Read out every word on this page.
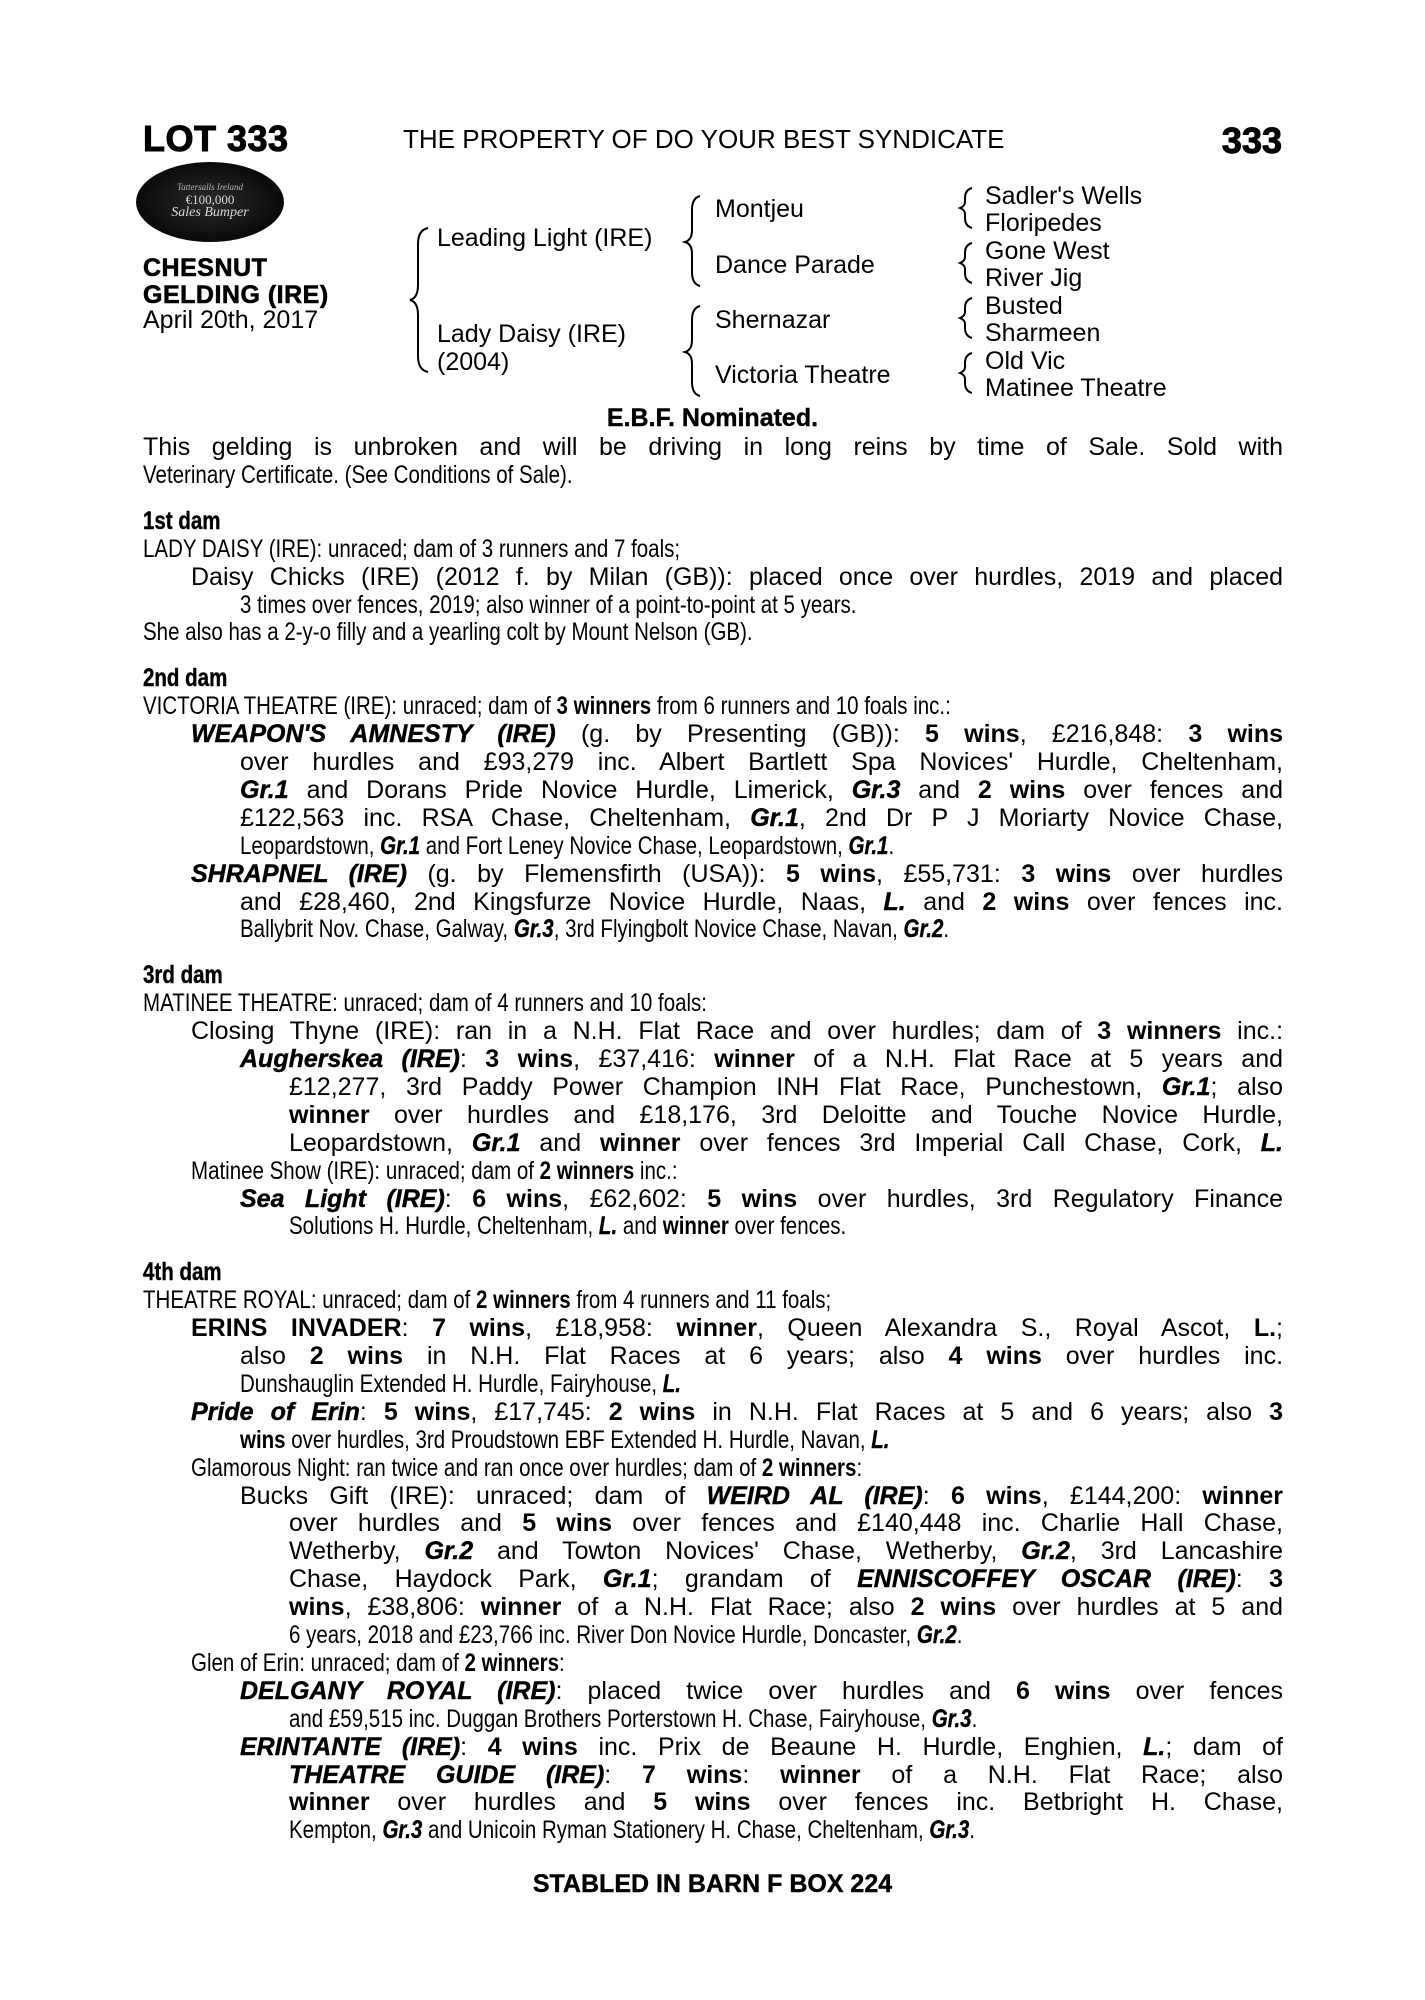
LOT 333	THE PROPERTY OF DO YOUR BEST SYNDICATE	333
Tattersalls Ireland
€100,000
Sales Bumper
CHESNUT
GELDING (IRE)
April 20th, 2017
Leading Light (IRE)
Lady Daisy (IRE)
(2004)
Montjeu
Dance Parade
Shernazar
Victoria Theatre
Sadler's Wells
Floripedes
Gone West
River Jig
Busted
Sharmeen
Old Vic
Matinee Theatre
E.B.F. Nominated.
This gelding is unbroken and will be driving in long reins by time of Sale. Sold with
Veterinary Certificate. (See Conditions of Sale).
1st dam
LADY DAISY (IRE): unraced; dam of 3 runners and 7 foals;
Daisy Chicks (IRE) (2012 f. by Milan (GB)): placed once over hurdles, 2019 and placed
3 times over fences, 2019; also winner of a point-to-point at 5 years.
She also has a 2-y-o filly and a yearling colt by Mount Nelson (GB).
2nd dam
VICTORIA THEATRE (IRE): unraced; dam of 3 winners from 6 runners and 10 foals inc.:
WEAPON'S AMNESTY (IRE) (g. by Presenting (GB)): 5 wins, £216,848: 3 wins
over hurdles and £93,279 inc. Albert Bartlett Spa Novices' Hurdle, Cheltenham,
Gr.1 and Dorans Pride Novice Hurdle, Limerick, Gr.3 and 2 wins over fences and
£122,563 inc. RSA Chase, Cheltenham, Gr.1, 2nd Dr P J Moriarty Novice Chase,
Leopardstown, Gr.1 and Fort Leney Novice Chase, Leopardstown, Gr.1.
SHRAPNEL (IRE) (g. by Flemensfirth (USA)): 5 wins, £55,731: 3 wins over hurdles
and £28,460, 2nd Kingsfurze Novice Hurdle, Naas, L. and 2 wins over fences inc.
Ballybrit Nov. Chase, Galway, Gr.3, 3rd Flyingbolt Novice Chase, Navan, Gr.2.
3rd dam
MATINEE THEATRE: unraced; dam of 4 runners and 10 foals:
Closing Thyne (IRE): ran in a N.H. Flat Race and over hurdles; dam of 3 winners inc.:
Augherskea (IRE): 3 wins, £37,416: winner of a N.H. Flat Race at 5 years and
£12,277, 3rd Paddy Power Champion INH Flat Race, Punchestown, Gr.1; also
winner over hurdles and £18,176, 3rd Deloitte and Touche Novice Hurdle,
Leopardstown, Gr.1 and winner over fences 3rd Imperial Call Chase, Cork, L.
Matinee Show (IRE): unraced; dam of 2 winners inc.:
Sea Light (IRE): 6 wins, £62,602: 5 wins over hurdles, 3rd Regulatory Finance
Solutions H. Hurdle, Cheltenham, L. and winner over fences.
4th dam
THEATRE ROYAL: unraced; dam of 2 winners from 4 runners and 11 foals;
ERINS INVADER: 7 wins, £18,958: winner, Queen Alexandra S., Royal Ascot, L.;
also 2 wins in N.H. Flat Races at 6 years; also 4 wins over hurdles inc.
Dunshauglin Extended H. Hurdle, Fairyhouse, L.
Pride of Erin: 5 wins, £17,745: 2 wins in N.H. Flat Races at 5 and 6 years; also 3
wins over hurdles, 3rd Proudstown EBF Extended H. Hurdle, Navan, L.
Glamorous Night: ran twice and ran once over hurdles; dam of 2 winners:
Bucks Gift (IRE): unraced; dam of WEIRD AL (IRE): 6 wins, £144,200: winner
over hurdles and 5 wins over fences and £140,448 inc. Charlie Hall Chase,
Wetherby, Gr.2 and Towton Novices' Chase, Wetherby, Gr.2, 3rd Lancashire
Chase, Haydock Park, Gr.1; grandam of ENNISCOFFEY OSCAR (IRE): 3
wins, £38,806: winner of a N.H. Flat Race; also 2 wins over hurdles at 5 and
6 years, 2018 and £23,766 inc. River Don Novice Hurdle, Doncaster, Gr.2.
Glen of Erin: unraced; dam of 2 winners:
DELGANY ROYAL (IRE): placed twice over hurdles and 6 wins over fences
and £59,515 inc. Duggan Brothers Porterstown H. Chase, Fairyhouse, Gr.3.
ERINTANTE (IRE): 4 wins inc. Prix de Beaune H. Hurdle, Enghien, L.; dam of
THEATRE GUIDE (IRE): 7 wins: winner of a N.H. Flat Race; also
winner over hurdles and 5 wins over fences inc. Betbright H. Chase,
Kempton, Gr.3 and Unicoin Ryman Stationery H. Chase, Cheltenham, Gr.3.
STABLED IN BARN F BOX 224
